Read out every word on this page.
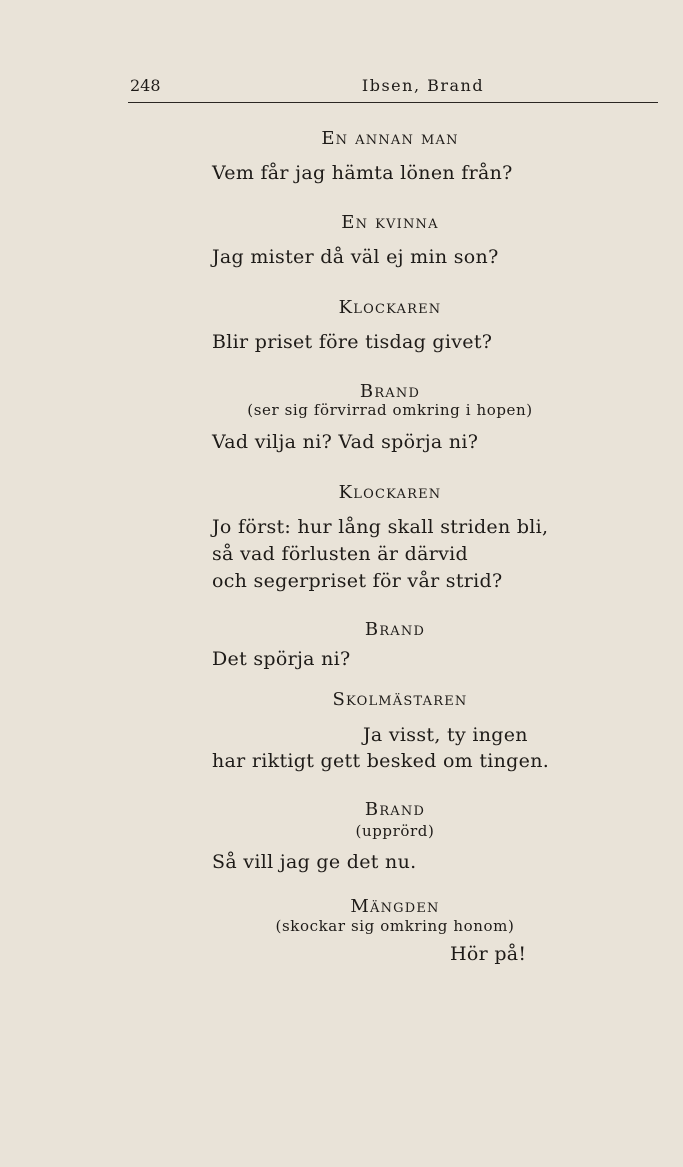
248	Ibsen, Brand
En annan man
Vem får jag hämta lönen från?
En kvinna
Jag mister då väl ej min son?
Klockaren
Blir priset före tisdag givet?
Brand
(ser sig förvirrad omkring i hopen)
Vad vilja ni? Vad spörja ni?
Klockaren
Jo först: hur lång skall striden bli,
så vad förlusten är därvid
och segerpriset för vår strid?
Brand
Det spörja ni?
Skolmästaren
Ja visst, ty ingen
har riktigt gett besked om tingen.
Brand
(upprörd)
Så vill jag ge det nu.
Mängden
(skockar sig omkring honom)
Hör på!
